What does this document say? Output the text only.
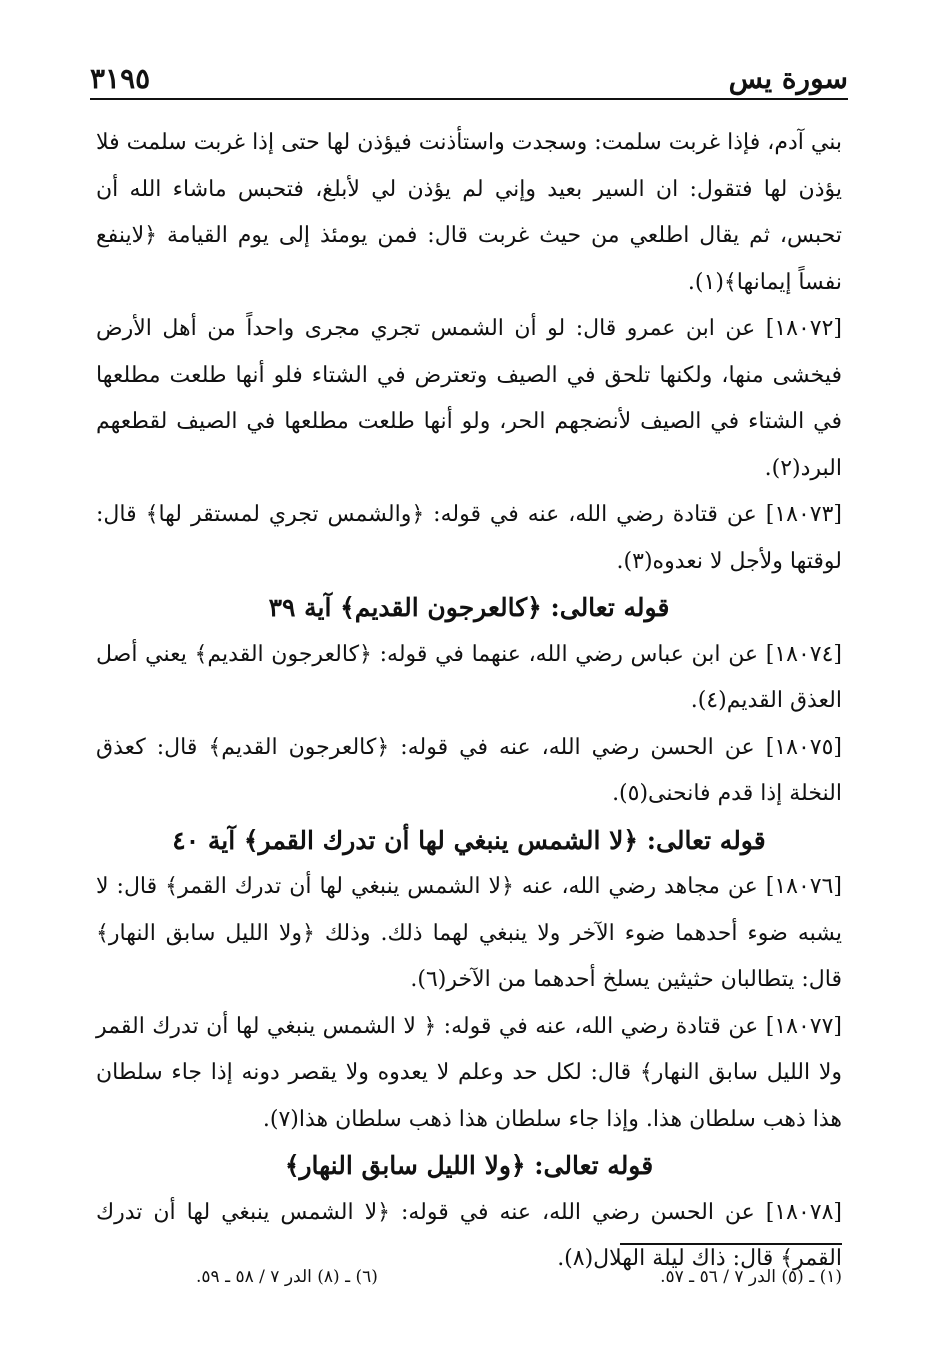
سورة يس
٣١٩٥

بني آدم، فإذا غربت سلمت: وسجدت واستأذنت فيؤذن لها حتى إذا غربت سلمت فلا يؤذن لها فتقول: ان السير بعيد وإني لم يؤذن لي لأبلغ، فتحبس ماشاء الله أن تحبس، ثم يقال اطلعي من حيث غربت قال: فمن يومئذ إلى يوم القيامة ﴿لاينفع نفساً إيمانها﴾(١).

[١٨٠٧٢] عن ابن عمرو قال: لو أن الشمس تجري مجرى واحداً من أهل الأرض فيخشى منها، ولكنها تلحق في الصيف وتعترض في الشتاء فلو أنها طلعت مطلعها في الشتاء في الصيف لأنضجهم الحر، ولو أنها طلعت مطلعها في الصيف لقطعهم البرد(٢).

[١٨٠٧٣] عن قتادة رضي الله، عنه في قوله: ﴿والشمس تجري لمستقر لها﴾ قال: لوقتها ولأجل لا نعدوه(٣).

قوله تعالى: ﴿كالعرجون القديم﴾ آية ٣٩

[١٨٠٧٤] عن ابن عباس رضي الله، عنهما في قوله: ﴿كالعرجون القديم﴾ يعني أصل العذق القديم(٤).

[١٨٠٧٥] عن الحسن رضي الله، عنه في قوله: ﴿كالعرجون القديم﴾ قال: كعذق النخلة إذا قدم فانحنى(٥).

قوله تعالى: ﴿لا الشمس ينبغي لها أن تدرك القمر﴾ آية ٤٠

[١٨٠٧٦] عن مجاهد رضي الله، عنه ﴿لا الشمس ينبغي لها أن تدرك القمر﴾ قال: لا يشبه ضوء أحدهما ضوء الآخر ولا ينبغي لهما ذلك. وذلك ﴿ولا الليل سابق النهار﴾ قال: يتطالبان حثيثين يسلخ أحدهما من الآخر(٦).

[١٨٠٧٧] عن قتادة رضي الله، عنه في قوله: ﴿ لا الشمس ينبغي لها أن تدرك القمر ولا الليل سابق النهار﴾ قال: لكل حد وعلم لا يعدوه ولا يقصر دونه إذا جاء سلطان هذا ذهب سلطان هذا. وإذا جاء سلطان هذا ذهب سلطان هذا(٧).

قوله تعالى: ﴿ولا الليل سابق النهار﴾

[١٨٠٧٨] عن الحسن رضي الله، عنه في قوله: ﴿لا الشمس ينبغي لها أن تدرك القمر﴾ قال: ذاك ليلة الهلال(٨).

(١) ـ (٥) الدر ٧ / ٥٦ ـ ٥٧.
(٦) ـ (٨) الدر ٧ / ٥٨ ـ ٥٩.
